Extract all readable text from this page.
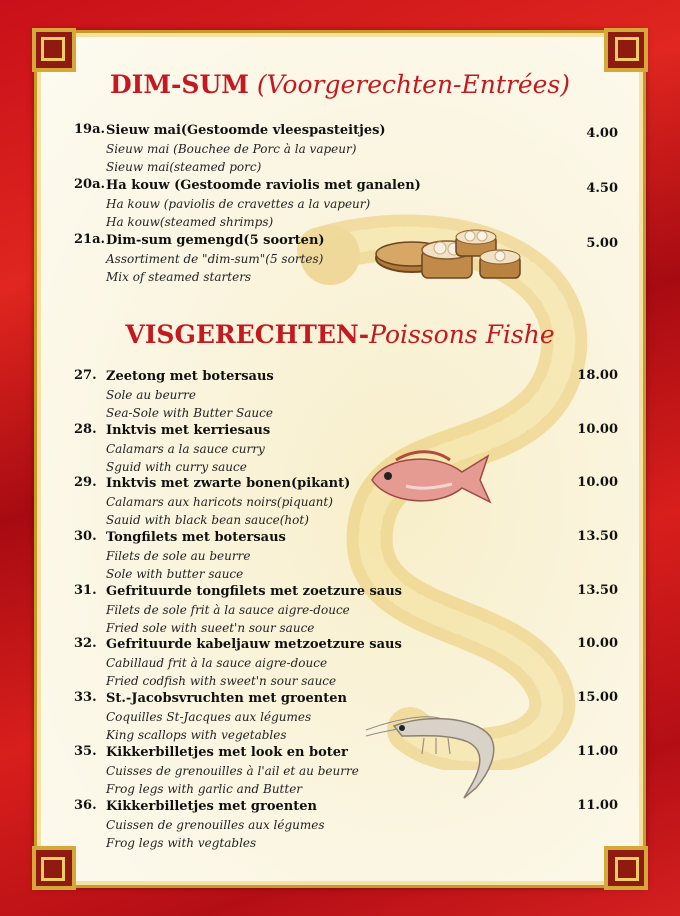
DIM-SUM (Voorgerechten-Entrées)
19a. Sieuw mai(Gestoomde vleespasteitjes)
Sieuw mai (Bouchee de Porc à la vapeur)
Sieuw mai(steamed porc)
4.00
20a. Ha kouw (Gestoomde raviolis met ganalen)
Ha kouw (paviolis de cravettes a la vapeur)
Ha kouw(steamed shrimps)
4.50
21a. Dim-sum gemengd(5 soorten)
Assortiment de "dim-sum"(5 sortes)
Mix of steamed starters
5.00
VISGERECHTEN-Poissons Fishe
27. Zeetong met botersaus
Sole au beurre
Sea-Sole with Butter Sauce
18.00
28. Inktvis met kerriesaus
Calamars a la sauce curry
Sguid with curry sauce
10.00
29. Inktvis met zwarte bonen(pikant)
Calamars aux haricots noirs(piquant)
Sauid with black bean sauce(hot)
10.00
30. Tongfilets met botersaus
Filets de sole au beurre
Sole with butter sauce
13.50
31. Gefrituurde tongfilets met zoetzure saus
Filets de sole frit à la sauce aigre-douce
Fried sole with sueet'n sour sauce
13.50
32. Gefrituurde kabeljauw metzoetzure saus
Cabillaud frit à la sauce aigre-douce
Fried codfish with sweet'n sour sauce
10.00
33. St.-Jacobsvruchten met groenten
Coquilles St-Jacques aux légumes
King scallops with vegetables
15.00
35. Kikkerbilletjes met look en boter
Cuisses de grenouilles à l'ail et au beurre
Frog legs with garlic and Butter
11.00
36. Kikkerbilletjes met groenten
Cuissen de grenouilles aux légumes
Frog legs with vegtables
11.00
